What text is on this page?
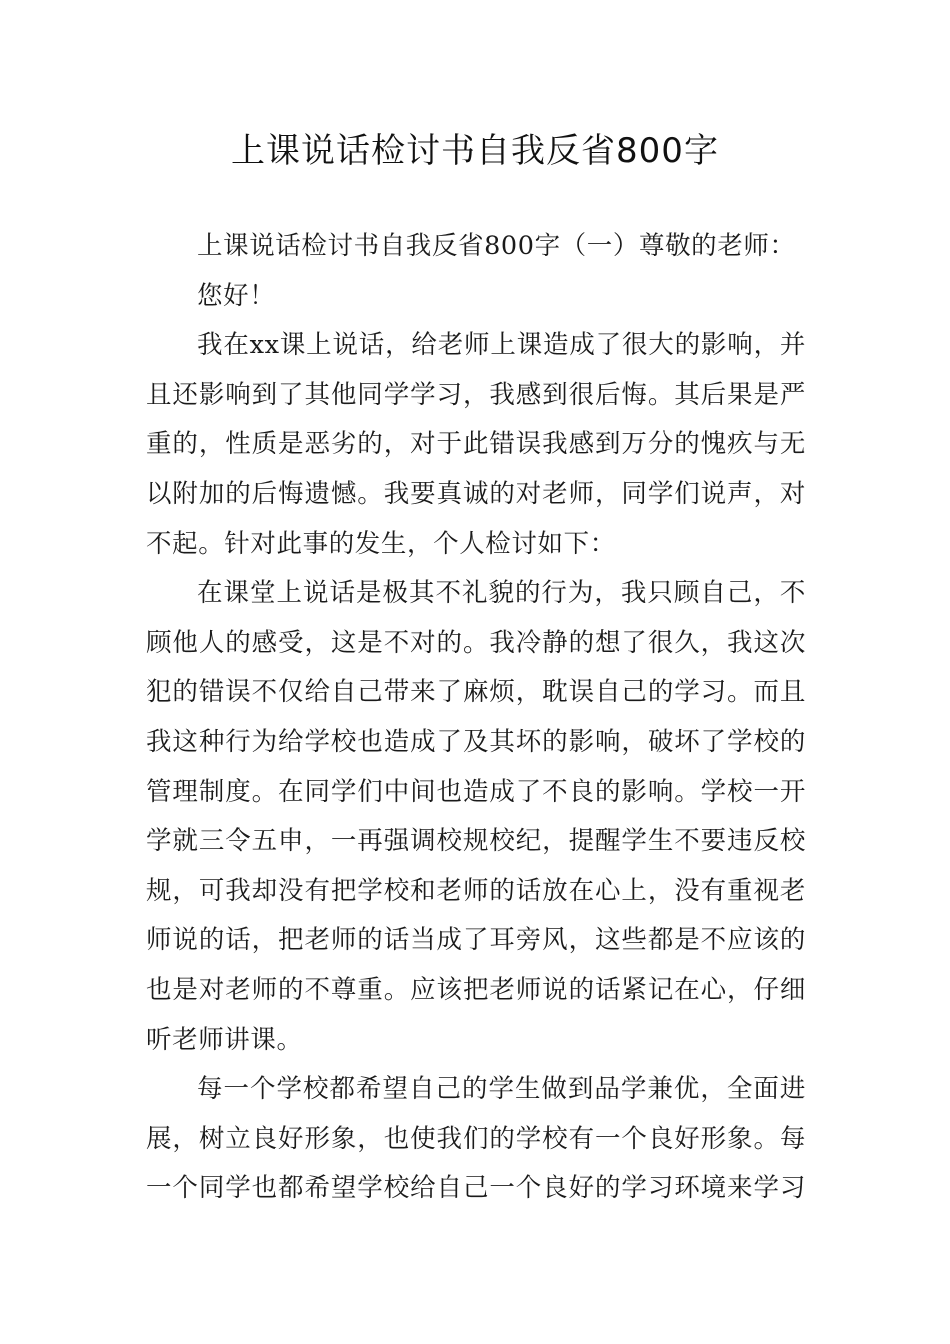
上课说话检讨书自我反省800字

上课说话检讨书自我反省800字（一）尊敬的老师：

您好！

我在xx课上说话，给老师上课造成了很大的影响，并且还影响到了其他同学学习，我感到很后悔。其后果是严重的，性质是恶劣的，对于此错误我感到万分的愧疚与无以附加的后悔遗憾。我要真诚的对老师，同学们说声，对不起。针对此事的发生，个人检讨如下：

在课堂上说话是极其不礼貌的行为，我只顾自己，不顾他人的感受，这是不对的。我冷静的想了很久，我这次犯的错误不仅给自己带来了麻烦，耽误自己的学习。而且我这种行为给学校也造成了及其坏的影响，破坏了学校的管理制度。在同学们中间也造成了不良的影响。学校一开学就三令五申，一再强调校规校纪，提醒学生不要违反校规，可我却没有把学校和老师的话放在心上，没有重视老师说的话，把老师的话当成了耳旁风，这些都是不应该的也是对老师的不尊重。应该把老师说的话紧记在心，仔细听老师讲课。

每一个学校都希望自己的学生做到品学兼优，全面进展，树立良好形象，也使我们的学校有一个良好形象。每一个同学也都希望学校给自己一个良好的学习环境来学习
